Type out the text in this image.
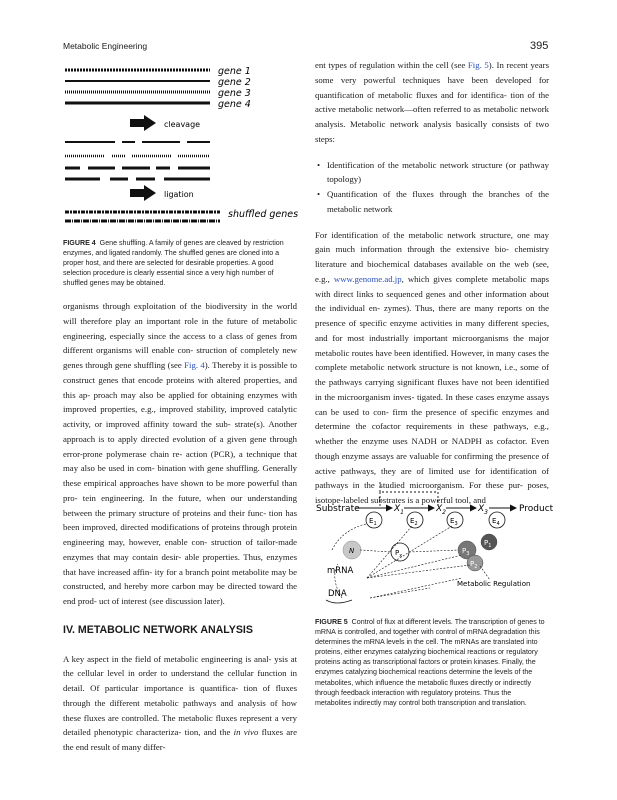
Metabolic Engineering	395
gene 1
gene 2
gene 3
gene 4
cleavage
ligation
shuffled genes
FIGURE 4 Gene shuffling. A family of genes are cleaved by restriction enzymes, and ligated randomly. The shuffled genes are cloned into a proper host, and there are selected for desirable properties. A good selection procedure is clearly essential since a very high number of shuffled genes may be obtained.

organisms through exploitation of the biodiversity in the world will therefore play an important role in the future of metabolic engineering, especially since the access to a class of genes from different organisms will enable con- struction of completely new genes through gene shuffling (see Fig. 4). Thereby it is possible to construct genes that encode proteins with altered properties, and this ap- proach may also be applied for obtaining enzymes with improved properties, e.g., improved stability, improved catalytic activity, or improved affinity toward the sub- strate(s). Another approach is to apply directed evolution of a given gene through error-prone polymerase chain re- action (PCR), a technique that may also be used in com- bination with gene shuffling. Generally these empirical approaches have shown to be more powerful than pro- tein engineering. In the future, when our understanding between the primary structure of proteins and their func- tion has been improved, directed modifications of proteins through protein engineering may, however, enable con- struction of tailor-made enzymes that may contain desir- able properties. Thus, enzymes that have increased affin- ity for a branch point metabolite may be constructed, and hereby more carbon may be directed toward the end prod- uct of interest (see discussion later).

IV. METABOLIC NETWORK ANALYSIS

A key aspect in the field of metabolic engineering is anal- ysis at the cellular level in order to understand the cellular function in detail. Of particular importance is quantifica- tion of fluxes through the different metabolic pathways and analysis of how these fluxes are controlled. The metabolic fluxes represent a very detailed phenotypic characteriza- tion, and the in vivo fluxes are the end result of many differ-

ent types of regulation within the cell (see Fig. 5). In recent years some very powerful techniques have been developed for quantification of metabolic fluxes and for identifica- tion of the active metabolic network—often referred to as metabolic network analysis. Metabolic network analysis basically consists of two steps:

• Identification of the metabolic network structure (or pathway topology)
• Quantification of the fluxes through the branches of the metabolic network

For identification of the metabolic network structure, one may gain much information through the extensive bio- chemistry literature and biochemical databases available on the web (see, e.g., www.genome.ad.jp, which gives complete metabolic maps with direct links to sequenced genes and other information about the individual en- zymes). Thus, there are many reports on the presence of specific enzyme activities in many different species, and for most industrially important microorganisms the major metabolic routes have been identified. However, in many cases the complete metabolic network structure is not known, i.e., some of the pathways carrying significant fluxes have not been identified in the microorganism inves- tigated. In these cases enzyme assays can be used to con- firm the presence of specific enzymes and determine the cofactor requirements in these pathways, e.g., whether the enzyme uses NADH or NADPH as cofactor. Even though enzyme assays are valuable for confirming the presence of active pathways, they are of limited use for identification of pathways in the studied microorganism. For these pur- poses, isotope-labeled substrates is a powerful tool, and

Substrate	Product
$X_1$	$X_2$	$X_3$
$E_1$	$E_2$	$E_3$	$E_4$
N	$P_x$
$P_1$
$P_3$
$P_2$
mRNA
DNA
Metabolic Regulation
FIGURE 5 Control of flux at different levels. The transcription of genes to mRNA is controlled, and together with control of mRNA degradation this determines the mRNA levels in the cell. The mRNAs are translated into proteins, either enzymes catalyzing biochemical reactions or regulatory proteins acting as transcriptional factors or protein kinases. Finally, the enzymes catalyzing biochemical reactions determine the levels of the metabolites, which influence the metabolic fluxes directly or indirectly through feedback interaction with regulatory proteins. Thus the metabolites indirectly may control both transcription and translation.
